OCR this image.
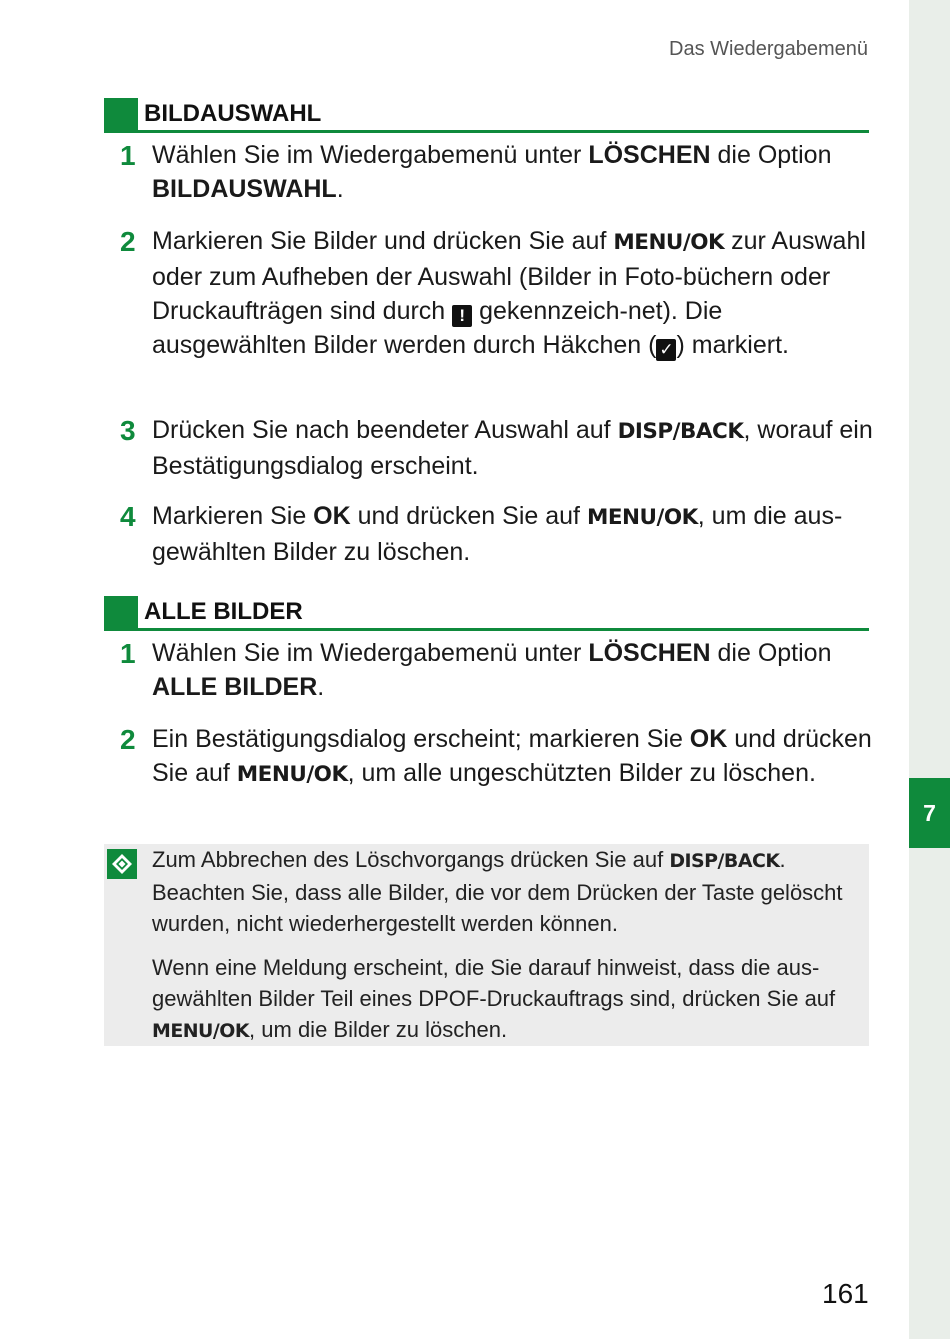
7
Das Wiedergabemenü
BILDAUSWAHL
1 Wählen Sie im Wiedergabemenü unter LÖSCHEN die Option BILDAUSWAHL.
2 Markieren Sie Bilder und drücken Sie auf MENU/OK zur Auswahl oder zum Aufheben der Auswahl (Bilder in Foto-büchern oder Druckaufträgen sind durch ! gekennzeich-net). Die ausgewählten Bilder werden durch Häkchen ( ✓ ) markiert.
3 Drücken Sie nach beendeter Auswahl auf DISP/BACK, worauf ein Bestätigungsdialog erscheint.
4 Markieren Sie OK und drücken Sie auf MENU/OK, um die aus-gewählten Bilder zu löschen.
ALLE BILDER
1 Wählen Sie im Wiedergabemenü unter LÖSCHEN die Option ALLE BILDER.
2 Ein Bestätigungsdialog erscheint; markieren Sie OK und drücken Sie auf MENU/OK, um alle ungeschützten Bilder zu löschen.

Zum Abbrechen des Löschvorgangs drücken Sie auf DISP/BACK. Beachten Sie, dass alle Bilder, die vor dem Drücken der Taste gelöscht wurden, nicht wiederhergestellt werden können.

Wenn eine Meldung erscheint, die Sie darauf hinweist, dass die aus-gewählten Bilder Teil eines DPOF-Druckauftrags sind, drücken Sie auf MENU/OK, um die Bilder zu löschen.

161
